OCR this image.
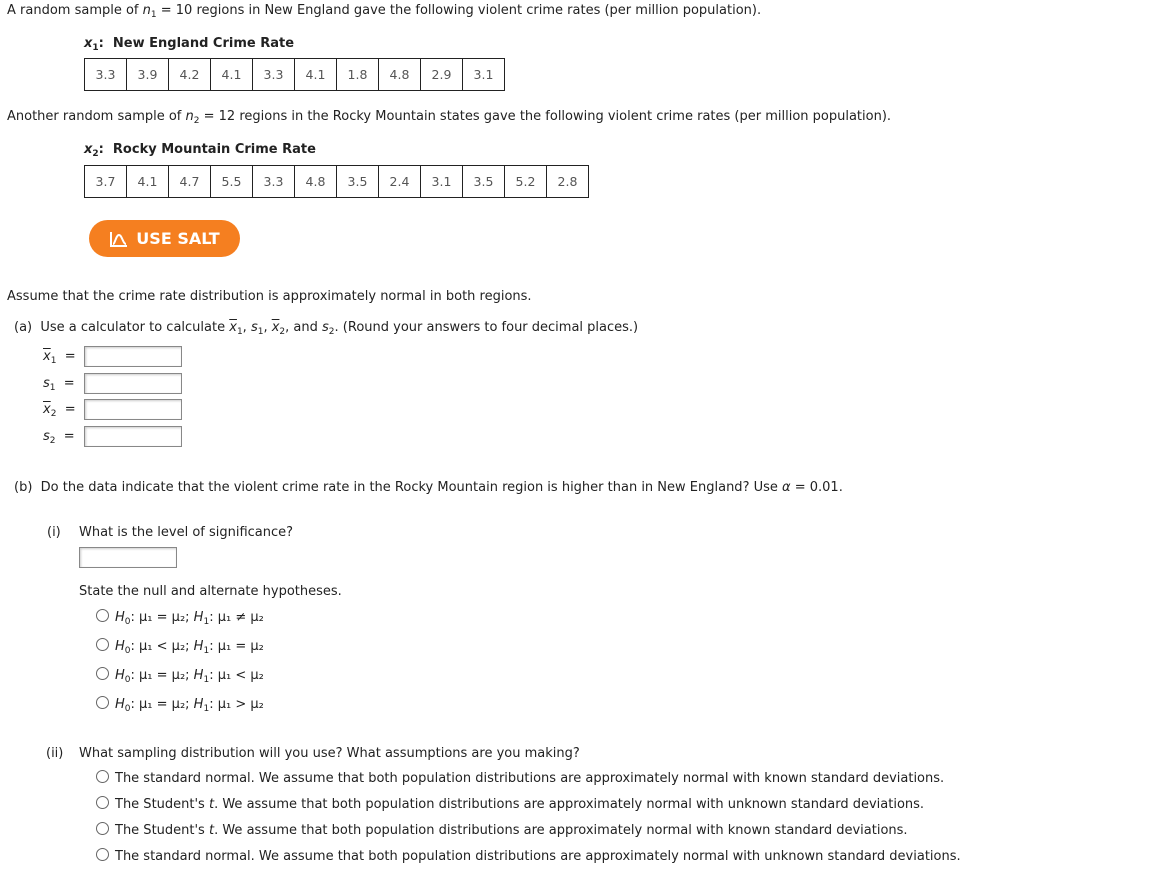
A random sample of $n_1 = 10$ regions in New England gave the following violent crime rates (per million population).
$x_1$:  New England Crime Rate
3.3	3.9	4.2	4.1	3.3	4.1	1.8	4.8	2.9	3.1
Another random sample of $n_2 = 12$ regions in the Rocky Mountain states gave the following violent crime rates (per million population).
$x_2$:  Rocky Mountain Crime Rate
3.7	4.1	4.7	5.5	3.3	4.8	3.5	2.4	3.1	3.5	5.2	2.8
USE SALT
Assume that the crime rate distribution is approximately normal in both regions.
(a) Use a calculator to calculate $\overline{x}_1$, $s_1$, $\overline{x}_2$, and $s_2$. (Round your answers to four decimal places.)
$\overline{x}_1$ =
$s_1$ =
$\overline{x}_2$ =
$s_2$ =
(b) Do the data indicate that the violent crime rate in the Rocky Mountain region is higher than in New England? Use α = 0.01.
(i) What is the level of significance?
State the null and alternate hypotheses.
$H_0$: μ₁ = μ₂; $H_1$: μ₁ ≠ μ₂
$H_0$: μ₁ < μ₂; $H_1$: μ₁ = μ₂
$H_0$: μ₁ = μ₂; $H_1$: μ₁ < μ₂
$H_0$: μ₁ = μ₂; $H_1$: μ₁ > μ₂
(ii) What sampling distribution will you use? What assumptions are you making?
The standard normal. We assume that both population distributions are approximately normal with known standard deviations.
The Student's t. We assume that both population distributions are approximately normal with unknown standard deviations.
The Student's t. We assume that both population distributions are approximately normal with known standard deviations.
The standard normal. We assume that both population distributions are approximately normal with unknown standard deviations.
